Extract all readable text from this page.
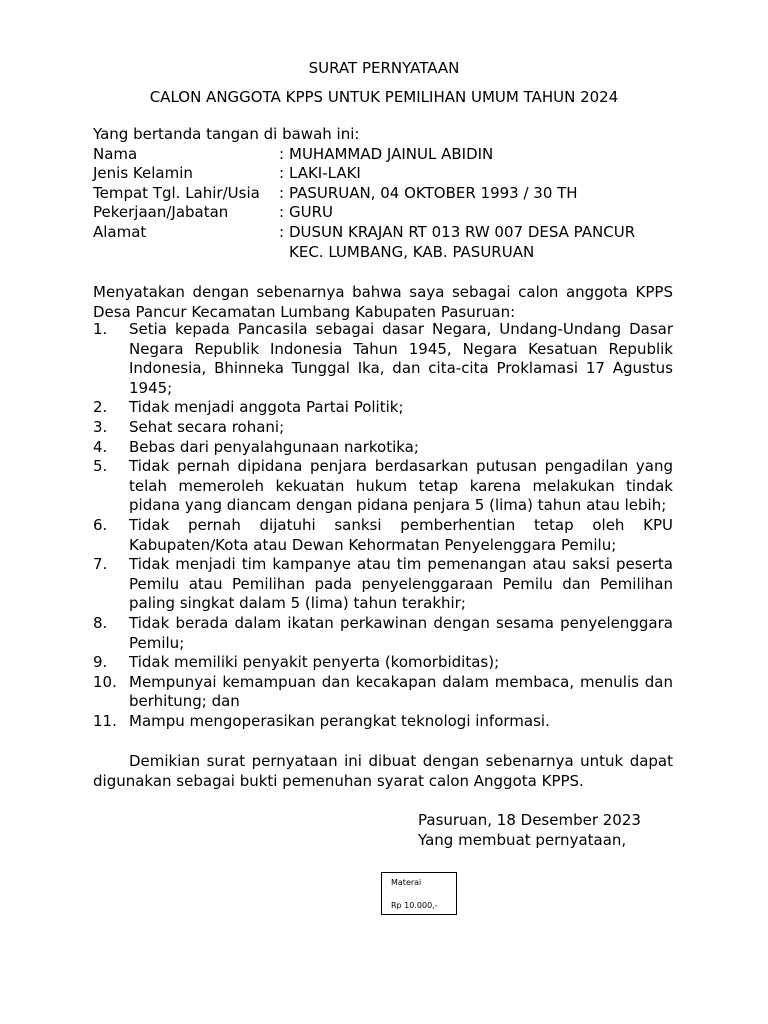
SURAT PERNYATAAN
CALON ANGGOTA KPPS UNTUK PEMILIHAN UMUM TAHUN 2024
Yang bertanda tangan di bawah ini:
Nama	: MUHAMMAD JAINUL ABIDIN
Jenis Kelamin	: LAKI-LAKI
Tempat Tgl. Lahir/Usia : PASURUAN, 04 OKTOBER 1993 / 30 TH
Pekerjaan/Jabatan	: GURU
Alamat	: DUSUN KRAJAN RT 013 RW 007 DESA PANCUR
KEC. LUMBANG, KAB. PASURUAN
Menyatakan dengan sebenarnya bahwa saya sebagai calon anggota KPPS Desa Pancur Kecamatan Lumbang Kabupaten Pasuruan:
1. Setia kepada Pancasila sebagai dasar Negara, Undang-Undang Dasar Negara Republik Indonesia Tahun 1945, Negara Kesatuan Republik Indonesia, Bhinneka Tunggal Ika, dan cita-cita Proklamasi 17 Agustus 1945;
2. Tidak menjadi anggota Partai Politik;
3. Sehat secara rohani;
4. Bebas dari penyalahgunaan narkotika;
5. Tidak pernah dipidana penjara berdasarkan putusan pengadilan yang telah memeroleh kekuatan hukum tetap karena melakukan tindak pidana yang diancam dengan pidana penjara 5 (lima) tahun atau lebih;
6. Tidak pernah dijatuhi sanksi pemberhentian tetap oleh KPU Kabupaten/Kota atau Dewan Kehormatan Penyelenggara Pemilu;
7. Tidak menjadi tim kampanye atau tim pemenangan atau saksi peserta Pemilu atau Pemilihan pada penyelenggaraan Pemilu dan Pemilihan paling singkat dalam 5 (lima) tahun terakhir;
8. Tidak berada dalam ikatan perkawinan dengan sesama penyelenggara Pemilu;
9. Tidak memiliki penyakit penyerta (komorbiditas);
10. Mempunyai kemampuan dan kecakapan dalam membaca, menulis dan berhitung; dan
11. Mampu mengoperasikan perangkat teknologi informasi.
Demikian surat pernyataan ini dibuat dengan sebenarnya untuk dapat digunakan sebagai bukti pemenuhan syarat calon Anggota KPPS.
Pasuruan, 18 Desember 2023
Yang membuat pernyataan,
Materai
Rp 10.000,-
